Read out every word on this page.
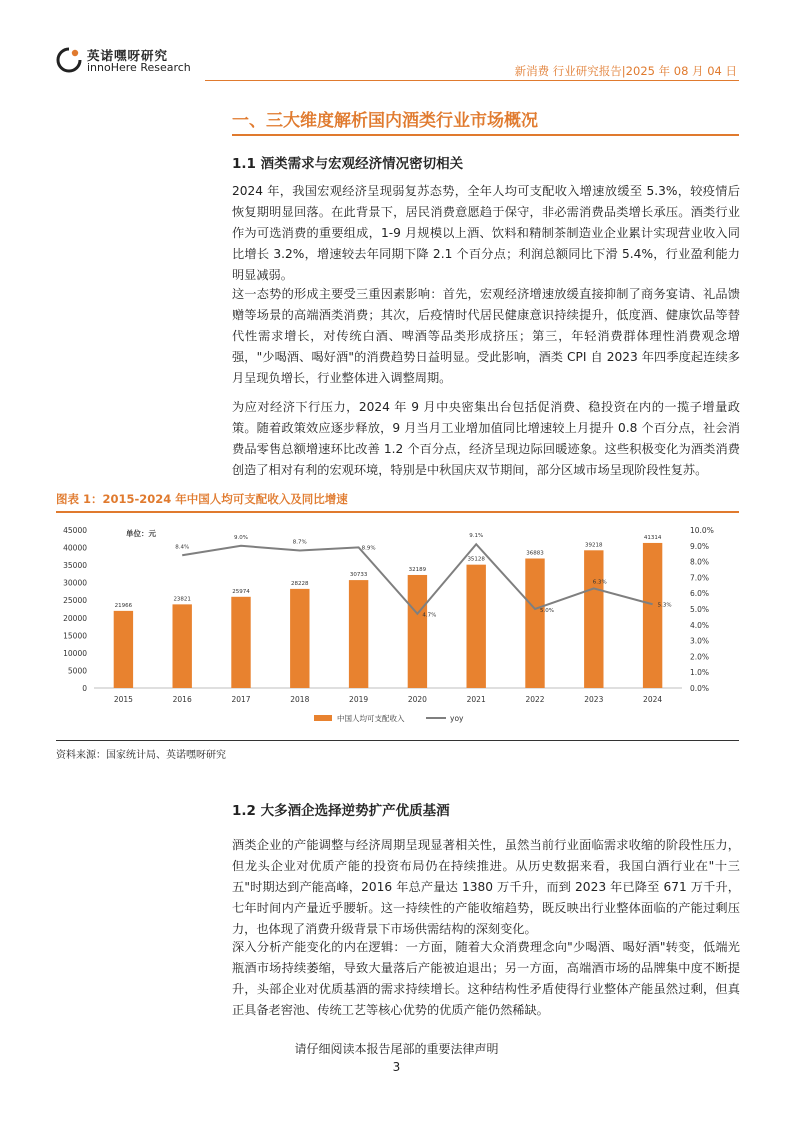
英诺嘿呀研究
innoHere Research	新消费 行业研究报告|2025 年 08 月 04 日
一、三大维度解析国内酒类行业市场概况
1.1 酒类需求与宏观经济情况密切相关

2024 年，我国宏观经济呈现弱复苏态势，全年人均可支配收入增速放缓至 5.3%，较疫情后恢复期明显回落。在此背景下，居民消费意愿趋于保守，非必需消费品类增长承压。酒类行业作为可选消费的重要组成，1-9 月规模以上酒、饮料和精制茶制造业企业累计实现营业收入同比增长 3.2%，增速较去年同期下降 2.1 个百分点；利润总额同比下滑 5.4%，行业盈利能力明显减弱。

这一态势的形成主要受三重因素影响：首先，宏观经济增速放缓直接抑制了商务宴请、礼品馈赠等场景的高端酒类消费；其次，后疫情时代居民健康意识持续提升，低度酒、健康饮品等替代性需求增长，对传统白酒、啤酒等品类形成挤压；第三，年轻消费群体理性消费观念增强，"少喝酒、喝好酒"的消费趋势日益明显。受此影响，酒类 CPI 自 2023 年四季度起连续多月呈现负增长，行业整体进入调整周期。

为应对经济下行压力，2024 年 9 月中央密集出台包括促消费、稳投资在内的一揽子增量政策。随着政策效应逐步释放，9 月当月工业增加值同比增速较上月提升 0.8 个百分点，社会消费品零售总额增速环比改善 1.2 个百分点，经济呈现边际回暖迹象。这些积极变化为酒类消费创造了相对有利的宏观环境，特别是中秋国庆双节期间，部分区域市场呈现阶段性复苏。

图表 1：2015-2024 年中国人均可支配收入及同比增速
单位：元
45000
40000
35000
30000
25000
20000
15000
10000
5000
0
10.0%
9.0%
8.0%
7.0%
6.0%
5.0%
4.0%
3.0%
2.0%
1.0%
0.0%
2015	2016	2017	2018	2019	2020	2021	2022	2023	2024
21966
23821
25974
28228
30733
32189
35128
36883
39218
41314
8.4%
9.0%
8.7%
8.9%
4.7%
9.1%
5.0%
6.3%
5.3%
中国人均可支配收入	yoy
资料来源：国家统计局、英诺嘿呀研究
1.2 大多酒企选择逆势扩产优质基酒

酒类企业的产能调整与经济周期呈现显著相关性，虽然当前行业面临需求收缩的阶段性压力，但龙头企业对优质产能的投资布局仍在持续推进。从历史数据来看，我国白酒行业在"十三五"时期达到产能高峰，2016 年总产量达 1380 万千升，而到 2023 年已降至 671 万千升，七年时间内产量近乎腰斩。这一持续性的产能收缩趋势，既反映出行业整体面临的产能过剩压力，也体现了消费升级背景下市场供需结构的深刻变化。

深入分析产能变化的内在逻辑：一方面，随着大众消费理念向"少喝酒、喝好酒"转变，低端光瓶酒市场持续萎缩，导致大量落后产能被迫退出；另一方面，高端酒市场的品牌集中度不断提升，头部企业对优质基酒的需求持续增长。这种结构性矛盾使得行业整体产能虽然过剩，但真正具备老窖池、传统工艺等核心优势的优质产能仍然稀缺。

请仔细阅读本报告尾部的重要法律声明
3
